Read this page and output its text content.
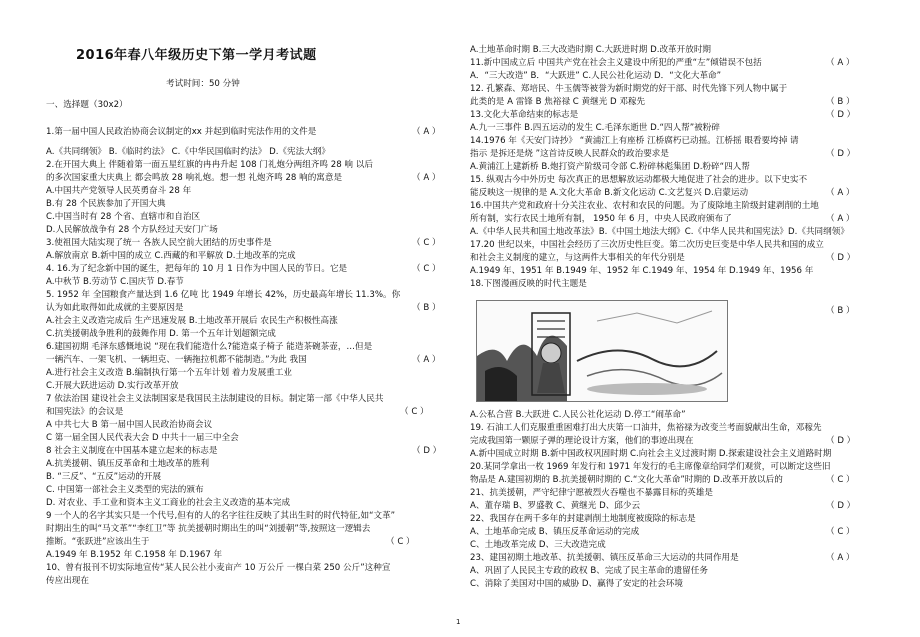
2016年春八年级历史下第一学月考试题
考试时间：50 分钟
一、选择题（30x2）
1.第一届中国人民政治协商会议制定的xx 并起到临时宪法作用的文件是
A.《共同纲领》 B.《临时约法》 C.《中华民国临时约法》 D.《宪法大纲》
2.在开国大典上 伴随着第一面五星红旗的冉冉升起 108 门礼炮分两组齐鸣 28 响 以后
的多次国家重大庆典上 都会鸣放 28 响礼炮。想一想 礼炮齐鸣 28 响的寓意是
A.中国共产党领导人民英勇奋斗 28 年
B.有 28 个民族参加了开国大典
C.中国当时有 28 个省、直辖市和自治区
D.人民解放战争有 28 个方队经过天安门广场
3.使祖国大陆实现了统一 各族人民空前大团结的历史事件是
A.解放南京 B.新中国的成立 C.西藏的和平解放 D.土地改革的完成
4. 16.为了纪念新中国的诞生，把每年的 10 月 1 日作为中国人民的节日。它是
A.中秋节 B.劳动节 C.国庆节 D.春节
5. 1952 年 全国粮食产量达到 1.6 亿吨 比 1949 年增长 42%，历史最高年增长 11.3%。你
认为如此取得如此成就的主要原因是
A.社会主义改造完成后 生产迅速发展 B.土地改革开展后 农民生产积极性高涨
C.抗美援朝战争胜利的鼓舞作用 D. 第一个五年计划超额完成
6.建国初期 毛泽东感慨地说 “现在我们能造什么?能造桌子椅子 能造茶碗茶壶，…但是
一辆汽车、一架飞机、一辆坦克、一辆拖拉机都不能制造。”为此 我国
A.进行社会主义改造 B.编制执行第一个五年计划 着力发展重工业
C.开展大跃进运动 D.实行改革开放
7 依法治国 建设社会主义法制国家是我国民主法制建设的目标。制定第一部《中华人民共
和国宪法》的会议是
A 中共七大 B 第一届中国人民政治协商会议
C 第一届全国人民代表大会 D 中共十一届三中全会
8 社会主义制度在中国基本建立起来的标志是
A.抗美援朝、镇压反革命和土地改革的胜利
B. “三反”、“五反”运动的开展
C. 中国第一部社会主义类型的宪法的颁布
D. 对农业、手工业和资本主义工商业的社会主义改造的基本完成
9 一个人的名字其实只是一个代号,但有的人的名字往往反映了其出生时的时代特征,如“文革”
时期出生的叫“马文革”“李红卫”等 抗美援朝时期出生的叫“刘援朝”等,按照这一逻辑去
推断。“张跃进”应该出生于
A.1949 年 B.1952 年 C.1958 年 D.1967 年
10、曾有报刊不切实际地宣传“某人民公社小麦亩产 10 万公斤 一棵白菜 250 公斤”这种宣
传应出现在
（ A ）
（ A ）
（ C ）
（ C ）
（ B ）
（ A ）
（ C ）
（ D ）
（ C ）
A.土地革命时期 B.三大改造时期 C.大跃进时期 D.改革开放时期
11.新中国成立后 中国共产党在社会主义建设中所犯的严重“左”倾错误不包括
A．“三大改造” B．“大跃进” C.人民公社化运动 D．“文化大革命”
12. 孔繁森、郑培民、牛玉儒等被誉为新时期党的好干部、时代先锋下列人物中属于
此类的是 A 雷锋 B 焦裕禄 C 黄继光 D 邓稼先
13.文化大革命结束的标志是
A.九一三事件 B.四五运动的发生 C.毛泽东逝世 D.“四人帮”被粉碎
14.1976 年《天安门诗抄》 “黄浦江上有座桥 江桥腐朽已动摇。江桥摇 眼看要垮掉 请
指示 是拆还是烧 ”这首诗反映人民群众的政治要求是
A.黄浦江上建新桥 B.炮打资产阶级司令部 C.粉碎林彪集团 D.粉碎“四人帮
15. 纵观古今中外历史 每次真正的思想解放运动都极大地促进了社会的进步。以下史实不
能反映这一规律的是 A.文化大革命 B.新文化运动 C.文艺复兴 D.启蒙运动
16.中国共产党和政府十分关注农业、农村和农民的问题。为了废除地主阶级封建剥削的土地
所有制，实行农民土地所有制， 1950 年 6 月，中央人民政府颁布了
A.《中华人民共和国土地改革法》B.《中国土地法大纲》C.《中华人民共和国宪法》D.《共同纲领》
17.20 世纪以来，中国社会经历了三次历史性巨变。第二次历史巨变是中华人民共和国的成立
和社会主义制度的建立，与这两件大事相关的年代分别是
A.1949 年、1951 年 B.1949 年、1952 年 C.1949 年、1954 年 D.1949 年、1956 年
18.下图漫画反映的时代主题是
A.公私合营 B.大跃进 C.人民公社化运动 D.停工“闹革命”
19. 石油工人们克服重重困难打出大庆第一口油井，焦裕禄为改变兰考面貌献出生命，邓稼先
完成我国第一颗原子弹的理论设计方案，他们的事迹出现在
A.新中国成立时期 B.新中国政权巩固时期 C.向社会主义过渡时期 D.探索建设社会主义道路时期
20.某同学拿出一枚 1969 年发行和 1971 年发行的毛主席像章给同学们观赏，可以断定这些旧
物品是 A.建国初期的 B.抗美援朝时期的 C.“文化大革命”时期的 D.改革开放以后的
21、抗美援朝，严守纪律宁愿被烈火吞噬也不暴露目标的英雄是
A、董存瑞 B、罗盛教 C、黄继光 D、邱少云
22、我国存在两千多年的封建剥削土地制度被废除的标志是
A、土地革命完成 B、镇压反革命运动的完成
C、土地改革完成 D、三大改造完成
23、建国初期土地改革、抗美援朝、镇压反革命三大运动的共同作用是
A、巩固了人民民主专政的政权 B、完成了民主革命的遗留任务
C、消除了美国对中国的威胁 D、赢得了安定的社会环境
（ A ）
（ B ）
（ D ）
（ D ）
（ A ）
（ A ）
（ D ）
（ B ）
（ D ）
（ C ）
（ D ）
（ C ）
（ A ）
1
